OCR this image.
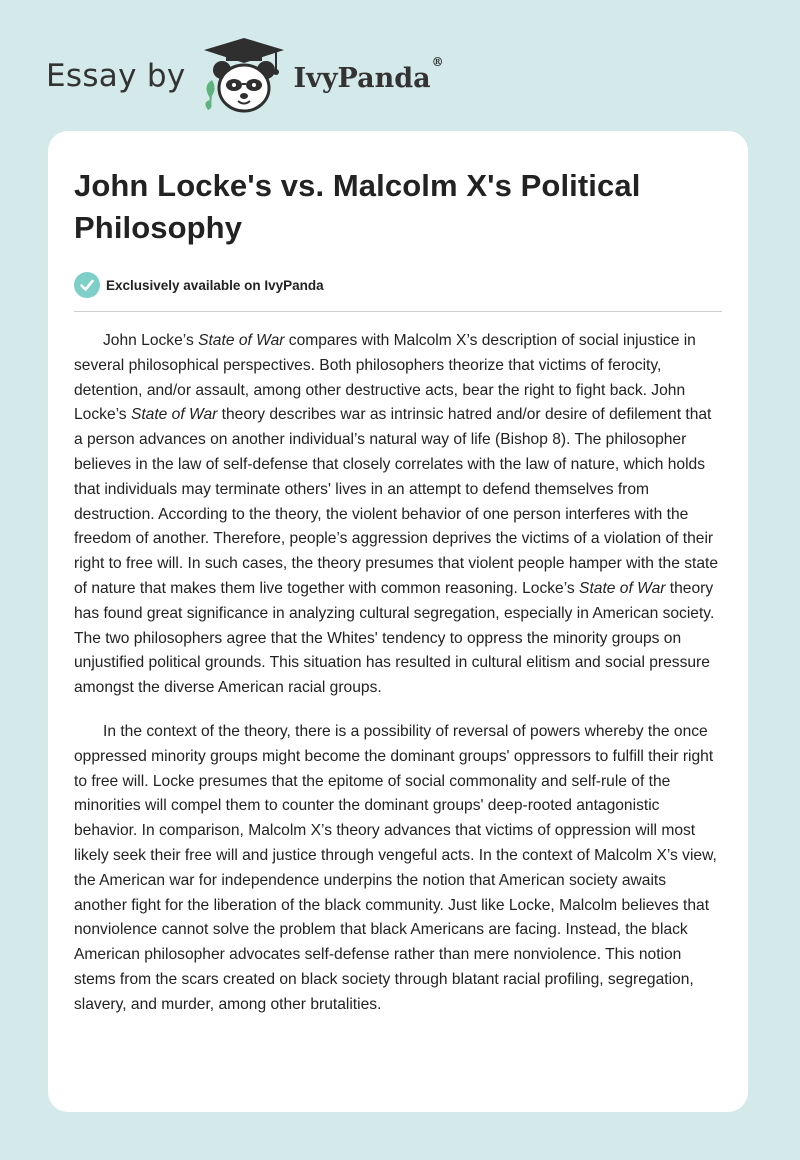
Essay by	IvyPanda®
John Locke's vs. Malcolm X's Political Philosophy
Exclusively available on IvyPanda

John Locke’s State of War compares with Malcolm X’s description of social injustice in several philosophical perspectives. Both philosophers theorize that victims of ferocity, detention, and/or assault, among other destructive acts, bear the right to fight back. John Locke’s State of War theory describes war as intrinsic hatred and/or desire of defilement that a person advances on another individual’s natural way of life (Bishop 8). The philosopher believes in the law of self-defense that closely correlates with the law of nature, which holds that individuals may terminate others' lives in an attempt to defend themselves from destruction. According to the theory, the violent behavior of one person interferes with the freedom of another. Therefore, people’s aggression deprives the victims of a violation of their right to free will. In such cases, the theory presumes that violent people hamper with the state of nature that makes them live together with common reasoning. Locke’s State of War theory has found great significance in analyzing cultural segregation, especially in American society. The two philosophers agree that the Whites' tendency to oppress the minority groups on unjustified political grounds. This situation has resulted in cultural elitism and social pressure amongst the diverse American racial groups.

In the context of the theory, there is a possibility of reversal of powers whereby the once oppressed minority groups might become the dominant groups' oppressors to fulfill their right to free will. Locke presumes that the epitome of social commonality and self-rule of the minorities will compel them to counter the dominant groups' deep-rooted antagonistic behavior. In comparison, Malcolm X’s theory advances that victims of oppression will most likely seek their free will and justice through vengeful acts. In the context of Malcolm X’s view, the American war for independence underpins the notion that American society awaits another fight for the liberation of the black community. Just like Locke, Malcolm believes that nonviolence cannot solve the problem that black Americans are facing. Instead, the black American philosopher advocates self-defense rather than mere nonviolence. This notion stems from the scars created on black society through blatant racial profiling, segregation, slavery, and murder, among other brutalities.
